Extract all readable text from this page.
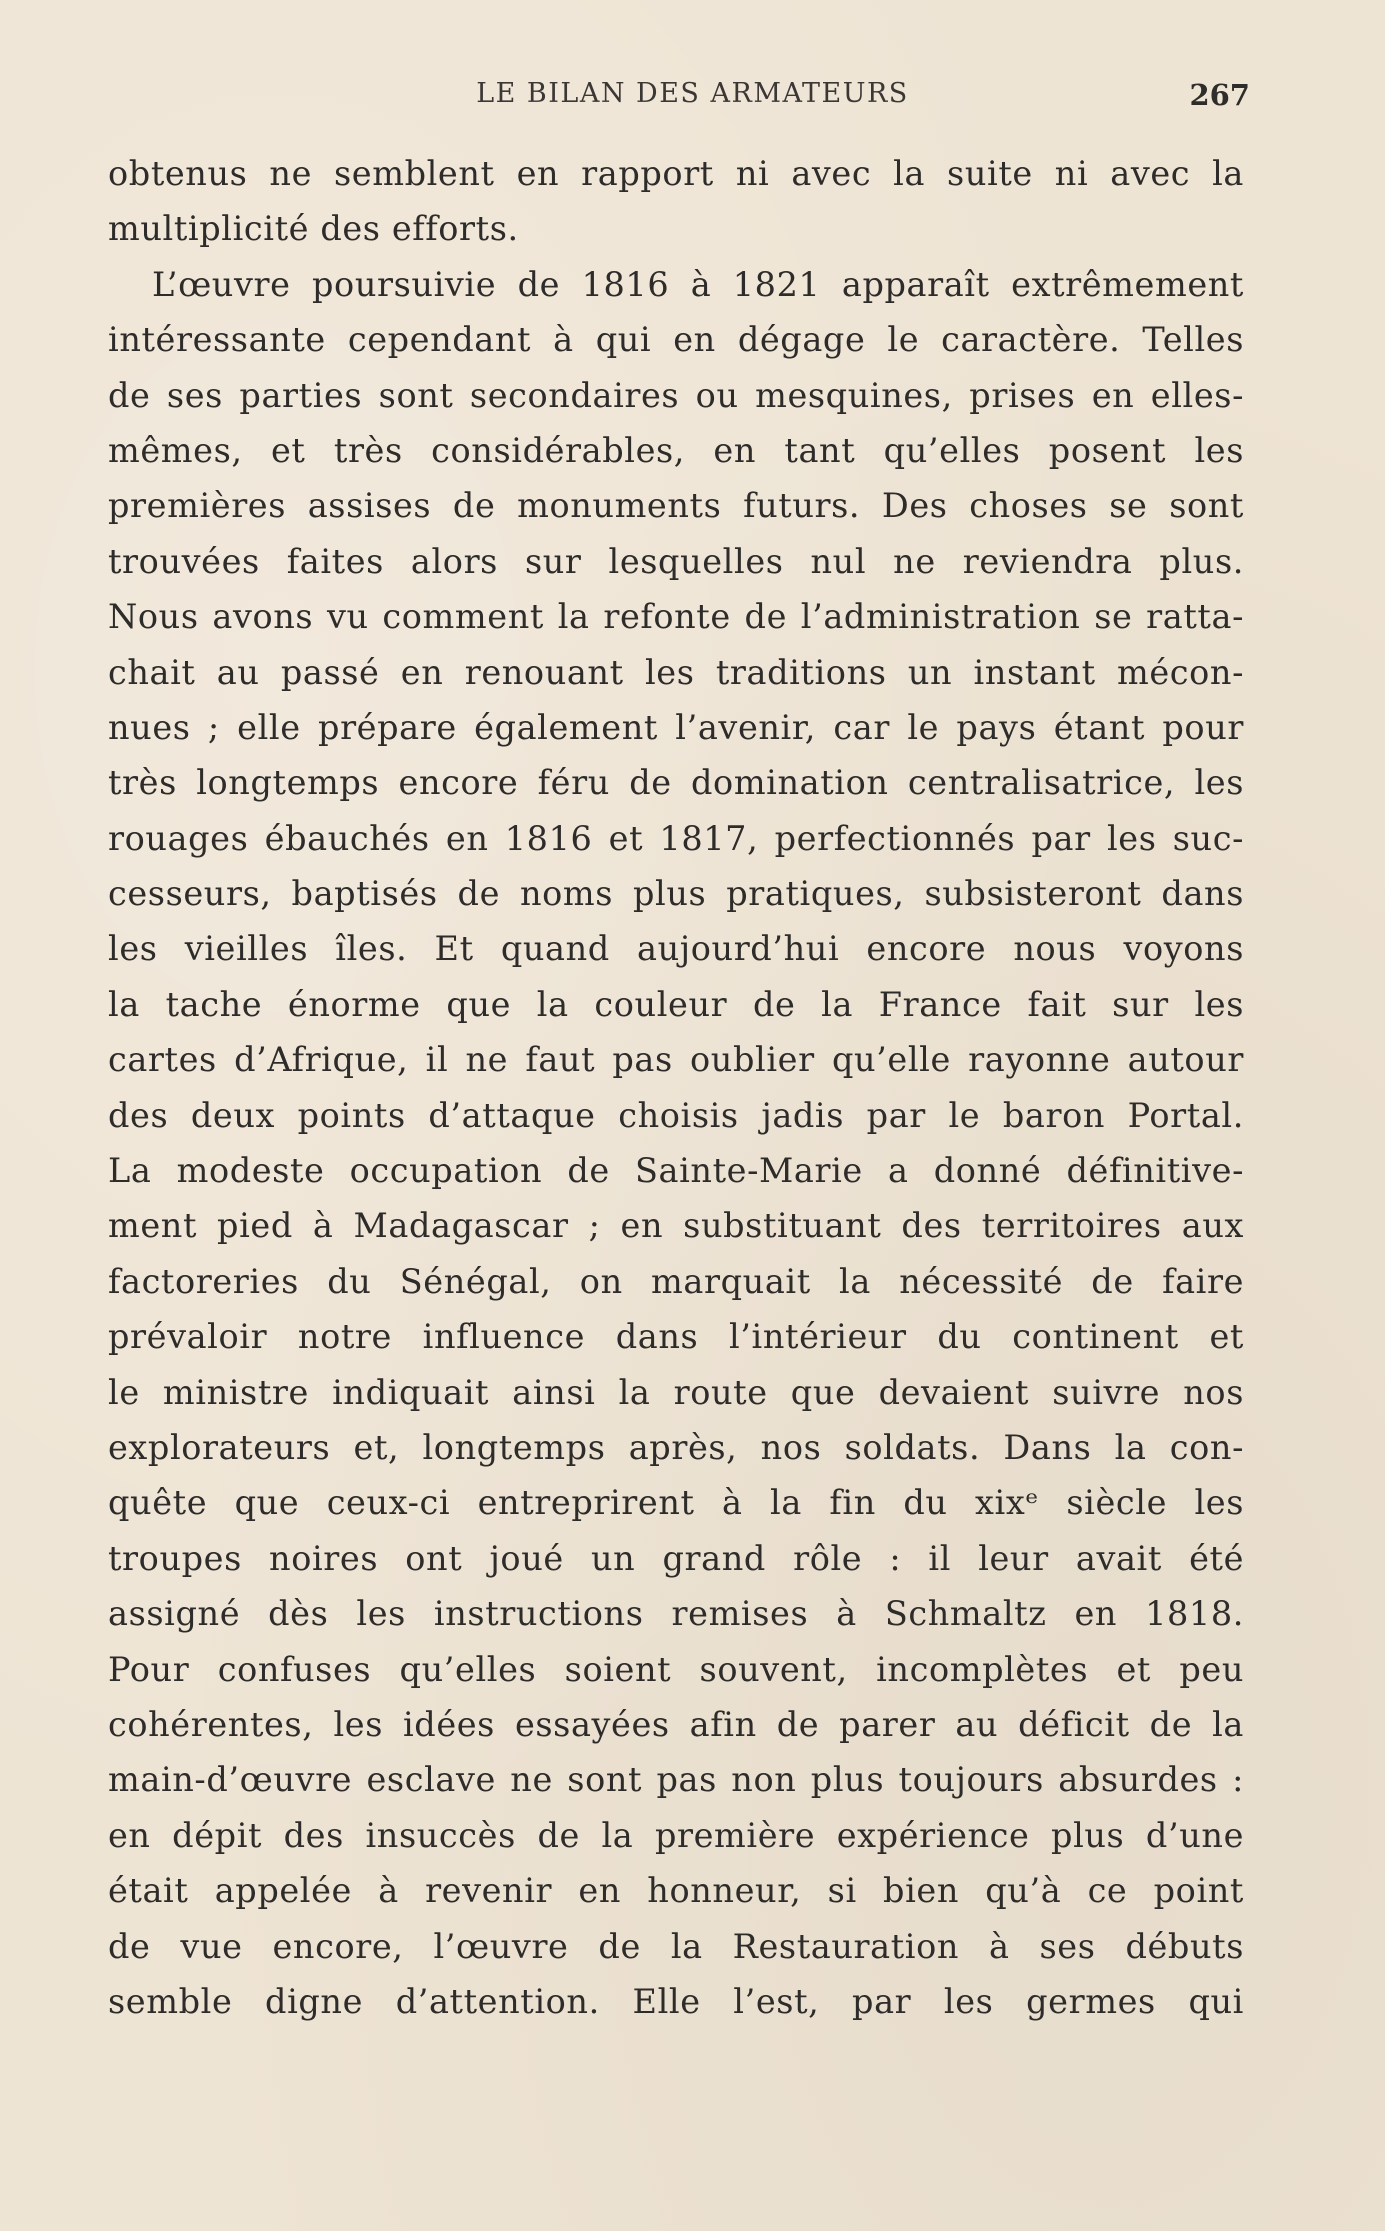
LE BILAN DES ARMATEURS	267
obtenus ne semblent en rapport ni avec la suite ni avec la
multiplicité des efforts.
L’œuvre poursuivie de 1816 à 1821 apparaît extrêmement
intéressante cependant à qui en dégage le caractère. Telles
de ses parties sont secondaires ou mesquines, prises en elles-
mêmes, et très considérables, en tant qu’elles posent les
premières assises de monuments futurs. Des choses se sont
trouvées faites alors sur lesquelles nul ne reviendra plus.
Nous avons vu comment la refonte de l’administration se ratta-
chait au passé en renouant les traditions un instant mécon-
nues ; elle prépare également l’avenir, car le pays étant pour
très longtemps encore féru de domination centralisatrice, les
rouages ébauchés en 1816 et 1817, perfectionnés par les suc-
cesseurs, baptisés de noms plus pratiques, subsisteront dans
les vieilles îles. Et quand aujourd’hui encore nous voyons
la tache énorme que la couleur de la France fait sur les
cartes d’Afrique, il ne faut pas oublier qu’elle rayonne autour
des deux points d’attaque choisis jadis par le baron Portal.
La modeste occupation de Sainte-Marie a donné définitive-
ment pied à Madagascar ; en substituant des territoires aux
factoreries du Sénégal, on marquait la nécessité de faire
prévaloir notre influence dans l’intérieur du continent et
le ministre indiquait ainsi la route que devaient suivre nos
explorateurs et, longtemps après, nos soldats. Dans la con-
quête que ceux-ci entreprirent à la fin du xixᵉ siècle les
troupes noires ont joué un grand rôle : il leur avait été
assigné dès les instructions remises à Schmaltz en 1818.
Pour confuses qu’elles soient souvent, incomplètes et peu
cohérentes, les idées essayées afin de parer au déficit de la
main-d’œuvre esclave ne sont pas non plus toujours absurdes :
en dépit des insuccès de la première expérience plus d’une
était appelée à revenir en honneur, si bien qu’à ce point
de vue encore, l’œuvre de la Restauration à ses débuts
semble digne d’attention. Elle l’est, par les germes qui
